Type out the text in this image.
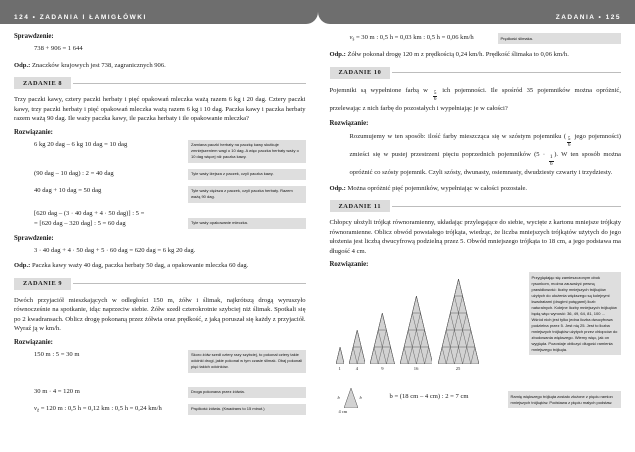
124 • ZADANIA I ŁAMIGŁÓWKI
Sprawdzenie:
738 + 906 = 1 644
Odp.: Znaczków krajowych jest 738, zagranicznych 906.
ZADANIE 8

Trzy paczki kawy, cztery paczki herbaty i pięć opakowań mleczka ważą razem 6 kg i 20 dag. Cztery paczki kawy, trzy paczki herbaty i pięć opakowań mleczka ważą razem 6 kg i 10 dag. Paczka kawy i paczka herbaty razem ważą 90 dag. Ile waży paczka kawy, ile paczka herbaty i ile opakowanie mleczka?

Rozwiązanie:
6 kg 20 dag – 6 kg 10 dag = 10 dag	Zamiana paczki herbaty na paczkę kawy skutkuje zmniejszeniem wagi o 10 dag. A więc paczka herbaty waży o 10 dag więcej niż paczka kawy.
(90 dag – 10 dag) : 2 = 40 dag	Tyle waży lżejsza z paczek, czyli paczka kawy.
40 dag + 10 dag = 50 dag	Tyle waży cięższa z paczek, czyli paczka herbaty. Razem ważą 90 dag.
[620 dag – (3 · 40 dag + 4 · 50 dag)] : 5 =
= [620 dag – 320 dag] : 5 = 60 dag	Tyle waży opakowanie mleczka.
Sprawdzenie:
3 · 40 dag + 4 · 50 dag + 5 · 60 dag = 620 dag = 6 kg 20 dag.
Odp.: Paczka kawy waży 40 dag, paczka herbaty 50 dag, a opakowanie mleczka 60 dag.
ZADANIE 9

Dwóch przyjaciół mieszkających w odległości 150 m, żółw i ślimak, najkrótszą drogą wyruszyło równocześnie na spotkanie, idąc naprzeciw siebie. Żółw szedł czterokrotnie szybciej niż ślimak. Spotkali się po 2 kwadransach. Oblicz drogę pokonaną przez żółwia oraz prędkość, z jaką poruszał się każdy z przyjaciół. Wyraź ją w km/h.

Rozwiązanie:
150 m : 5 = 30 m	Skoro żółw szedł cztery razy szybciej, to pokonał cztery takie odcinki drogi, jakie pokonał w tym czasie ślimak. Obaj pokonali pięć takich odcinków.
30 m · 4 = 120 m	Droga pokonana przez żółwia.
$v_ż = 120$ m : 0,5 h = 0,12 km : 0,5 h = 0,24 km/h	Prędkość żółwia. (Kwadrans to 15 minut.)
ZADANIA • 125
$v_ś = 30$ m : 0,5 h = 0,03 km : 0,5 h = 0,06 km/h	Prędkość ślimaka.
Odp.: Żółw pokonał drogę 120 m z prędkością 0,24 km/h. Prędkość ślimaka to 0,06 km/h.
ZADANIE 10

Pojemniki są wypełnione farbą w
$\frac{5}{6}$
ich pojemności. Ile spośród 35 pojemników można opróżnić, przelewając z nich farbę do pozostałych i wypełniając je w całości?

Rozwiązanie:
Rozumujemy w ten sposób: ilość farby mieszcząca się w szóstym pojemniku (
$\frac{5}{6}$
jego pojemności) zmieści się w pustej przestrzeni pięciu poprzednich pojemników (5 ·
$\frac{1}{6}$
). W ten sposób można opróżnić co szósty pojemnik. Czyli szósty, dwunasty, osiemnasty, dwudziesty czwarty i trzydziesty.
Odp.: Można opróżnić pięć pojemników, wypełniając w całości pozostałe.
ZADANIE 11

Chłopcy ułożyli trójkąt równoramienny, układając przylegające do siebie, wycięte z kartonu mniejsze trójkąty równoramienne. Oblicz obwód powstałego trójkąta, wiedząc, że liczba mniejszych trójkątów użytych do jego ułożenia jest liczbą dwucyfrową podzielną przez 5. Obwód mniejszego trójkąta to 18 cm, a jego podstawa ma długość 4 cm.

Rozwiązanie:
1	4	9	16	25
Przyglądając się zamieszczonym obok rysunkom, można zauważyć pewną prawidłowość: liczby mniejszych trójkątów użytych do ułożenia większego są kolejnymi kwadratami (drugimi potęgami) liczb naturalnych. Kolejne liczby mniejszych trójkątów będą więc wynosić: 36, 49, 64, 81, 100 … Wśród nich jest tylko jedna liczba dwucyfrowa podzielna przez 5. Jest nią 25. Jest to liczba mniejszych trójkątów użytych przez chłopców do zbudowania większego. Wiemy więc, jak on wygląda. Pozostaje obliczyć długość ramienia mniejszego trójkąta.
b	b
4 cm
b = (18 cm – 4 cm) : 2 = 7 cm	Ramię większego trójkąta zostało złożone z pięciu ramion mniejszych trójkątów. Podstawa z pięciu małych podstaw.
